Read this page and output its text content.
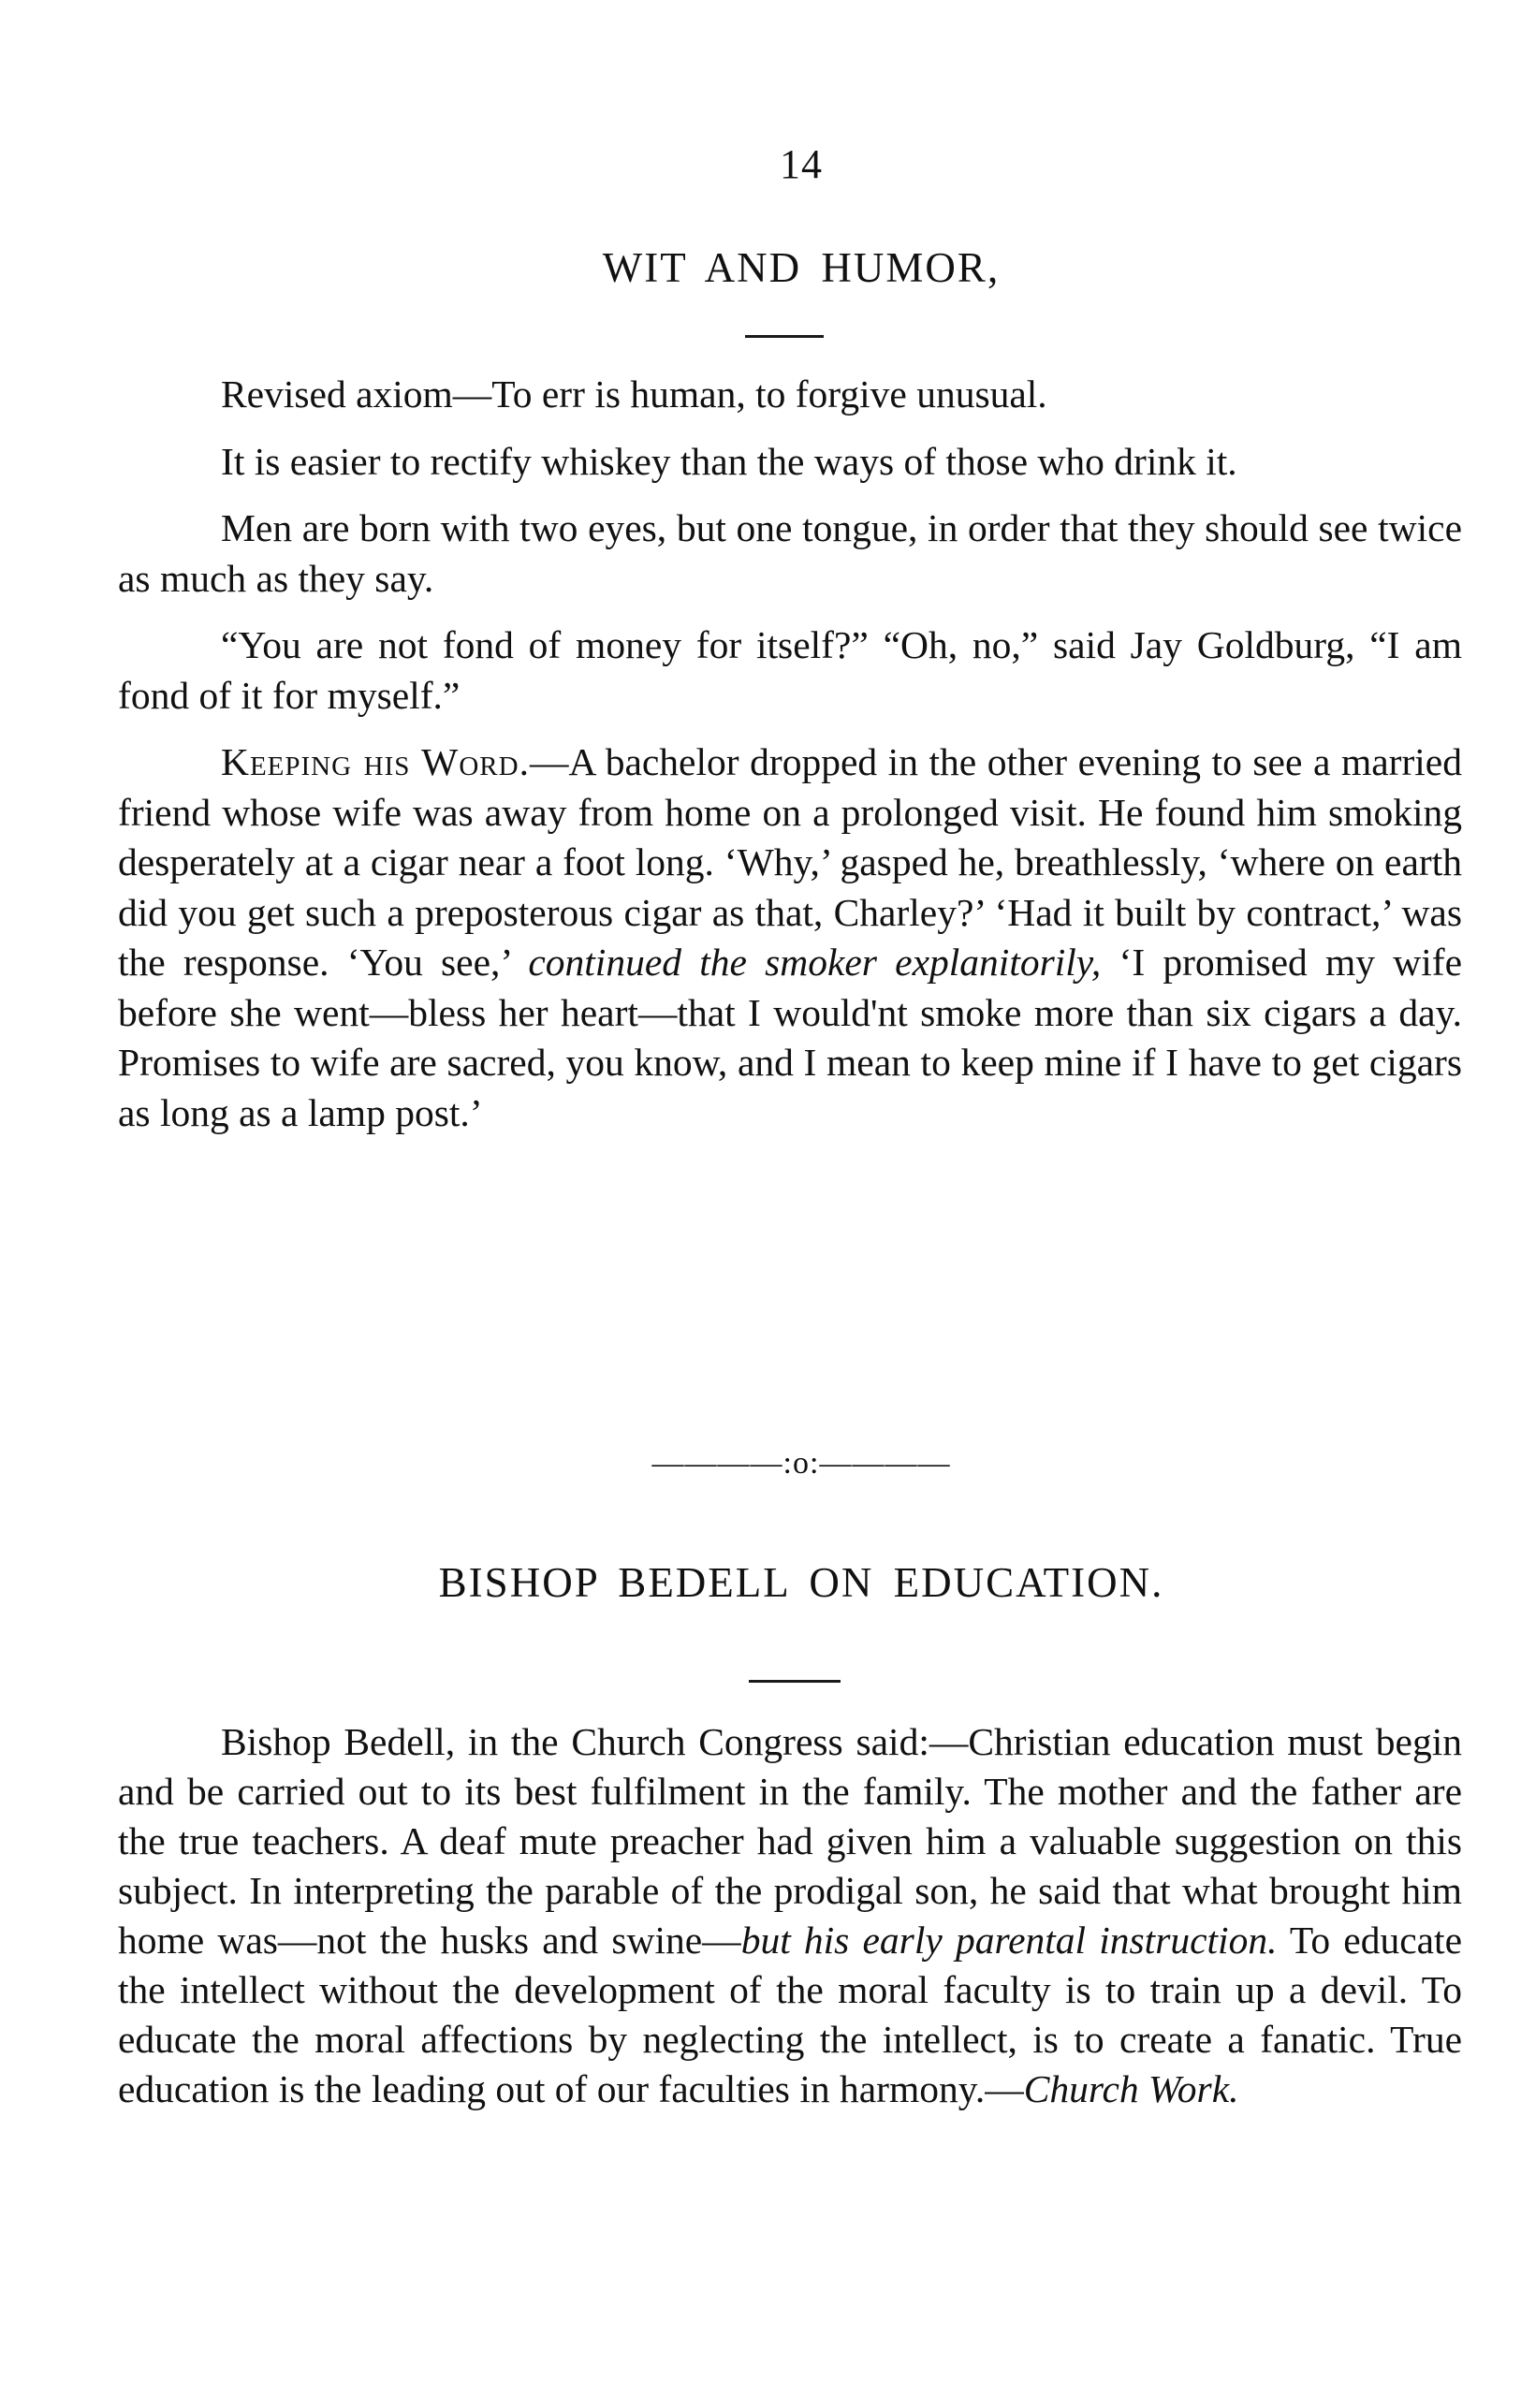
14
WIT AND HUMOR,

Revised axiom—To err is human, to forgive unusual.

It is easier to rectify whiskey than the ways of those who drink it.

Men are born with two eyes, but one tongue, in order that they should see twice as much as they say.

“You are not fond of money for itself?” “Oh, no,” said Jay Goldburg, “I am fond of it for myself.”

Keeping his Word.—A bachelor dropped in the other evening to see a married friend whose wife was away from home on a prolonged visit. He found him smoking desperately at a cigar near a foot long. ‘Why,’ gasped he, breathlessly, ‘where on earth did you get such a preposterous cigar as that, Charley?’ ‘Had it built by contract,’ was the response. ‘You see,’ continued the smoker explanitorily, ‘I promised my wife before she went—bless her heart—that I would'nt smoke more than six cigars a day. Promises to wife are sacred, you know, and I mean to keep mine if I have to get cigars as long as a lamp post.’

————:o:————
BISHOP BEDELL ON EDUCATION.

Bishop Bedell, in the Church Congress said:—Christian education must begin and be carried out to its best fulfilment in the family. The mother and the father are the true teachers. A deaf mute preacher had given him a valuable suggestion on this subject. In interpreting the parable of the prodigal son, he said that what brought him home was—not the husks and swine—but his early parental instruction. To educate the intellect without the development of the moral faculty is to train up a devil. To educate the moral affections by neglecting the intellect, is to create a fanatic. True education is the leading out of our faculties in harmony.—Church Work.
